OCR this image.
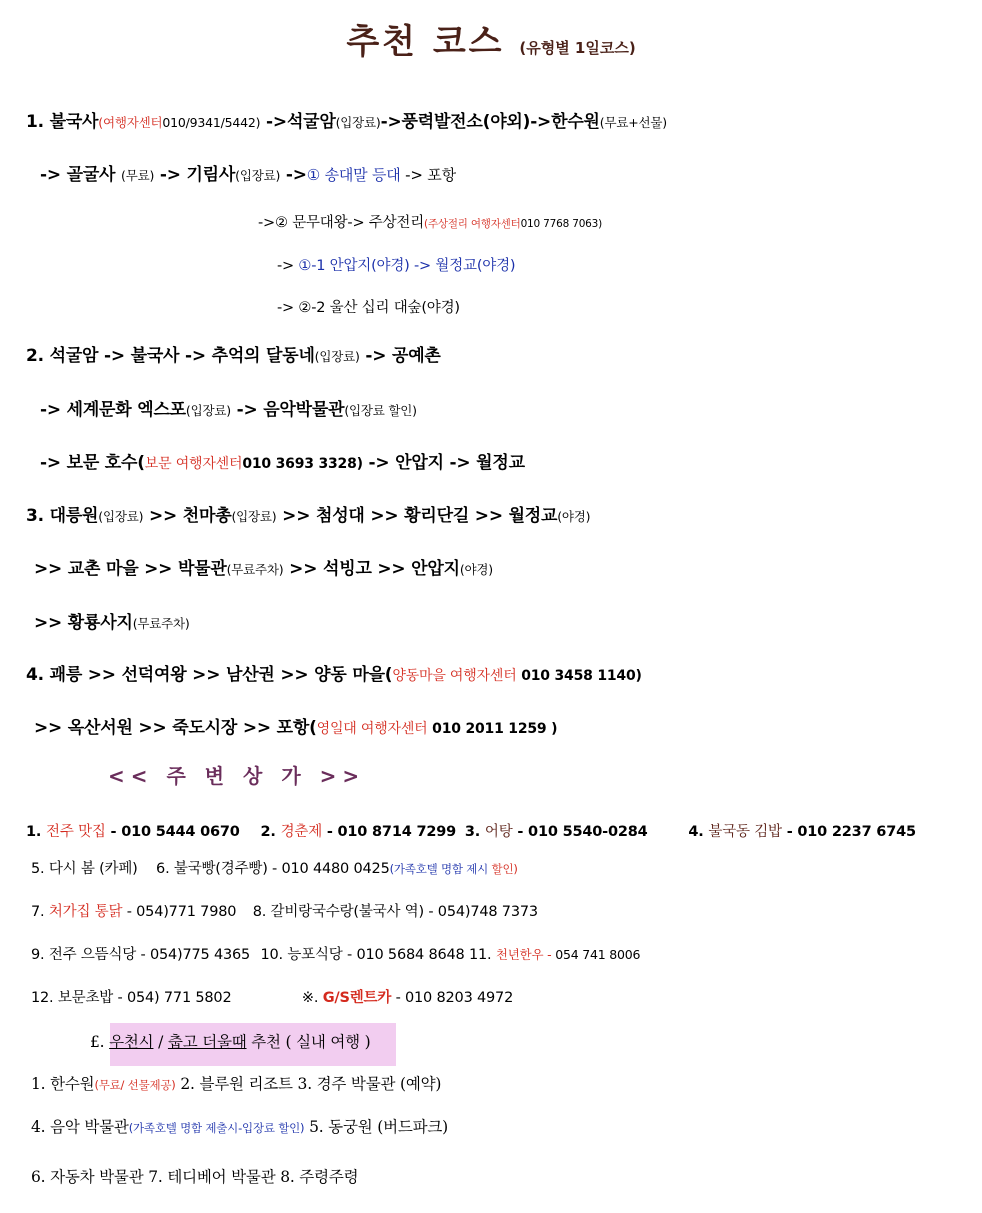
추천 코스 (유형별 1일코스)
1. 불국사(여행자센터010/9341/5442) ->석굴암(입장료)->풍력발전소(야외)->한수원(무료+선물)
-> 골굴사 (무료) -> 기림사(입장료) ->① 송대말 등대 -> 포항
->② 문무대왕-> 주상전리(주상절리 여행자센터010 7768 7063)
-> ①-1 안압지(야경) -> 월정교(야경)
-> ②-2 울산 십리 대숲(야경)
2. 석굴암 -> 불국사 -> 추억의 달동네(입장료) -> 공예촌
-> 세계문화 엑스포(입장료) -> 음악박물관(입장료 할인)
-> 보문 호수(보문 여행자센터010 3693 3328) -> 안압지 -> 월정교
3. 대릉원(입장료) >> 천마총(입장료) >> 첨성대 >> 황리단길 >> 월정교(야경)
>> 교촌 마을 >> 박물관(무료주차) >> 석빙고 >> 안압지(야경)
>> 황룡사지(무료주차)
4. 괘릉 >> 선덕여왕 >> 남산권 >> 양동 마을(양동마을 여행자센터 010 3458 1140)
>> 옥산서원 >> 죽도시장 >> 포항(영일대 여행자센터 010 2011 1259 )
<< 주 변 상 가 >>
1. 전주 맛집 - 010 5444 0670 2. 경춘제 - 010 8714 7299 3. 어탕 - 010 5540-0284	4. 불국동 김밥 - 010 2237 6745
5. 다시 봄 (카페) 6. 불국빵(경주빵) - 010 4480 0425(가족호텔 명함 제시 할인)
7. 처가집 통닭 - 054)771 7980 8. 갈비랑국수랑(불국사 역) - 054)748 7373
9. 전주 으뜸식당 - 054)775 4365 10. 능포식당 - 010 5684 8648 11. 천년한우 - 054 741 8006
12. 보문초밥 - 054) 771 5802	※. G/S렌트카 - 010 8203 4972
£. 우천시 / 춥고 더울때 추천 ( 실내 여행 )
1. 한수원(무료/ 선물제공) 2. 블루원 리조트 3. 경주 박물관 (예약)
4. 음악 박물관(가족호텔 명함 제출시-입장료 할인) 5. 동궁원 (버드파크)
6. 자동차 박물관 7. 테디베어 박물관 8. 주령주령
